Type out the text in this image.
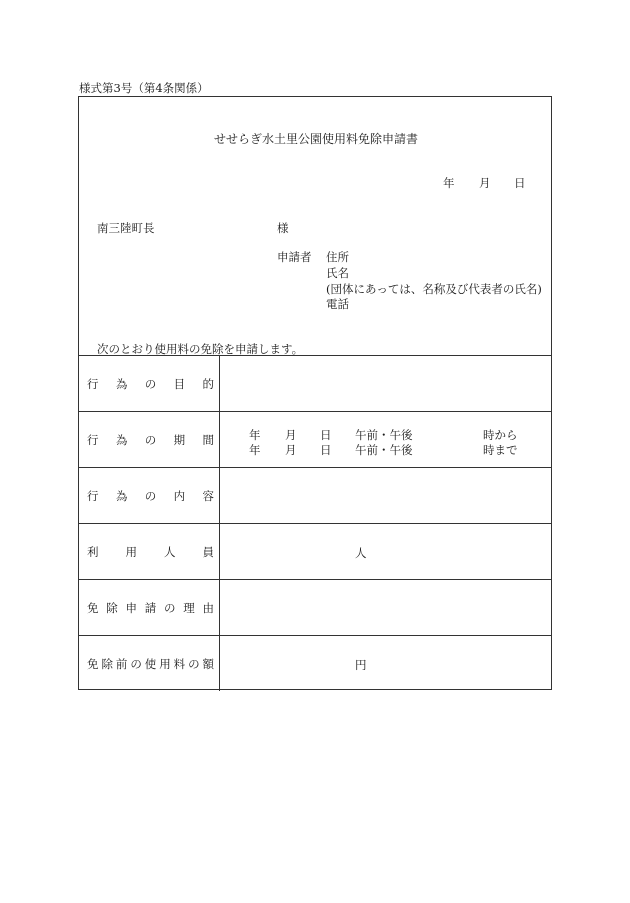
様式第3号（第4条関係）
せせらぎ水土里公園使用料免除申請書
年 月 日
南三陸町長	様
申請者 住所
氏名
(団体にあっては、名称及び代表者の氏名)
電話
次のとおり使用料の免除を申請します。
行 為 の 目 的
行 為 の 期 間	年 月 日 午前・午後	時から
年 月 日 午前・午後	時まで
行 為 の 内 容
利 用 人 員	人
免 除 申 請 の 理 由
免 除 前 の 使 用 料 の 額	円
